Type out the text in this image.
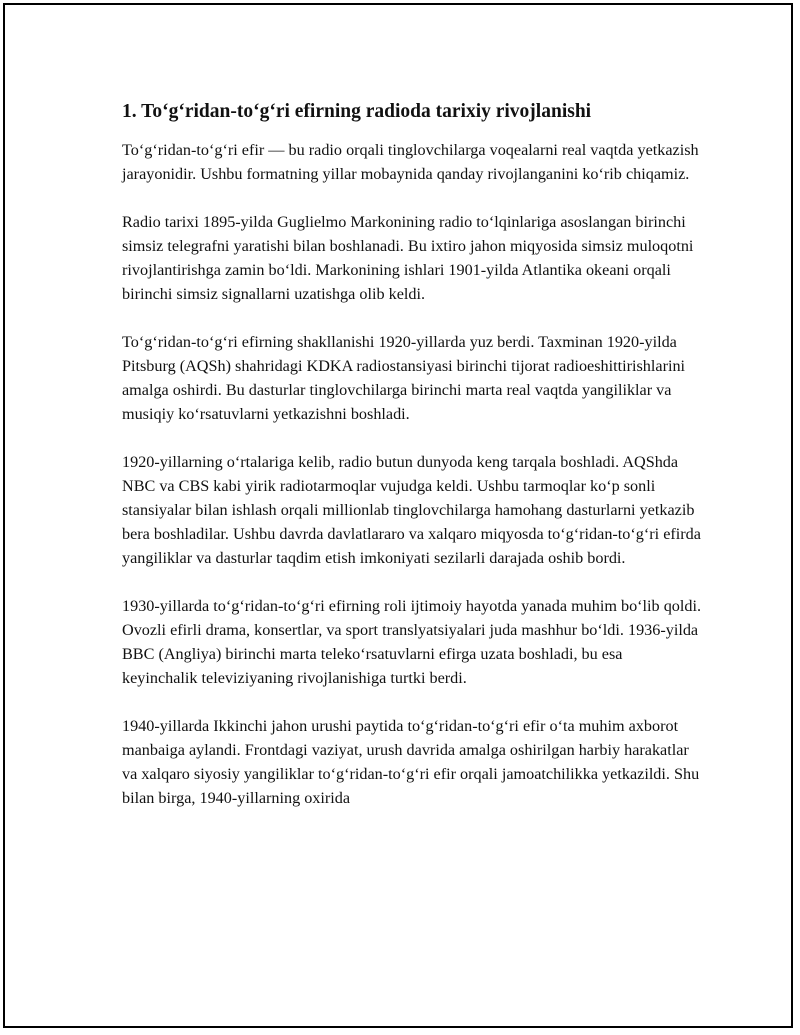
1. To‘g‘ridan-to‘g‘ri efirning radioda tarixiy rivojlanishi

To‘g‘ridan-to‘g‘ri efir — bu radio orqali tinglovchilarga voqealarni real vaqtda yetkazish jarayonidir. Ushbu formatning yillar mobaynida qanday rivojlanganini ko‘rib chiqamiz.

Radio tarixi 1895-yilda Guglielmo Markonining radio to‘lqinlariga asoslangan birinchi simsiz telegrafni yaratishi bilan boshlanadi. Bu ixtiro jahon miqyosida simsiz muloqotni rivojlantirishga zamin bo‘ldi. Markonining ishlari 1901-yilda Atlantika okeani orqali birinchi simsiz signallarni uzatishga olib keldi.

To‘g‘ridan-to‘g‘ri efirning shakllanishi 1920-yillarda yuz berdi. Taxminan 1920-yilda Pitsburg (AQSh) shahridagi KDKA radiostansiyasi birinchi tijorat radioeshittirishlarini amalga oshirdi. Bu dasturlar tinglovchilarga birinchi marta real vaqtda yangiliklar va musiqiy ko‘rsatuvlarni yetkazishni boshladi.

1920-yillarning o‘rtalariga kelib, radio butun dunyoda keng tarqala boshladi. AQShda NBC va CBS kabi yirik radiotarmoqlar vujudga keldi. Ushbu tarmoqlar ko‘p sonli stansiyalar bilan ishlash orqali millionlab tinglovchilarga hamohang dasturlarni yetkazib bera boshladilar. Ushbu davrda davlatlararo va xalqaro miqyosda to‘g‘ridan-to‘g‘ri efirda yangiliklar va dasturlar taqdim etish imkoniyati sezilarli darajada oshib bordi.

1930-yillarda to‘g‘ridan-to‘g‘ri efirning roli ijtimoiy hayotda yanada muhim bo‘lib qoldi. Ovozli efirli drama, konsertlar, va sport translyatsiyalari juda mashhur bo‘ldi. 1936-yilda BBC (Angliya) birinchi marta teleko‘rsatuvlarni efirga uzata boshladi, bu esa keyinchalik televiziyaning rivojlanishiga turtki berdi.

1940-yillarda Ikkinchi jahon urushi paytida to‘g‘ridan-to‘g‘ri efir o‘ta muhim axborot manbaiga aylandi. Frontdagi vaziyat, urush davrida amalga oshirilgan harbiy harakatlar va xalqaro siyosiy yangiliklar to‘g‘ridan-to‘g‘ri efir orqali jamoatchilikka yetkazildi. Shu bilan birga, 1940-yillarning oxirida
